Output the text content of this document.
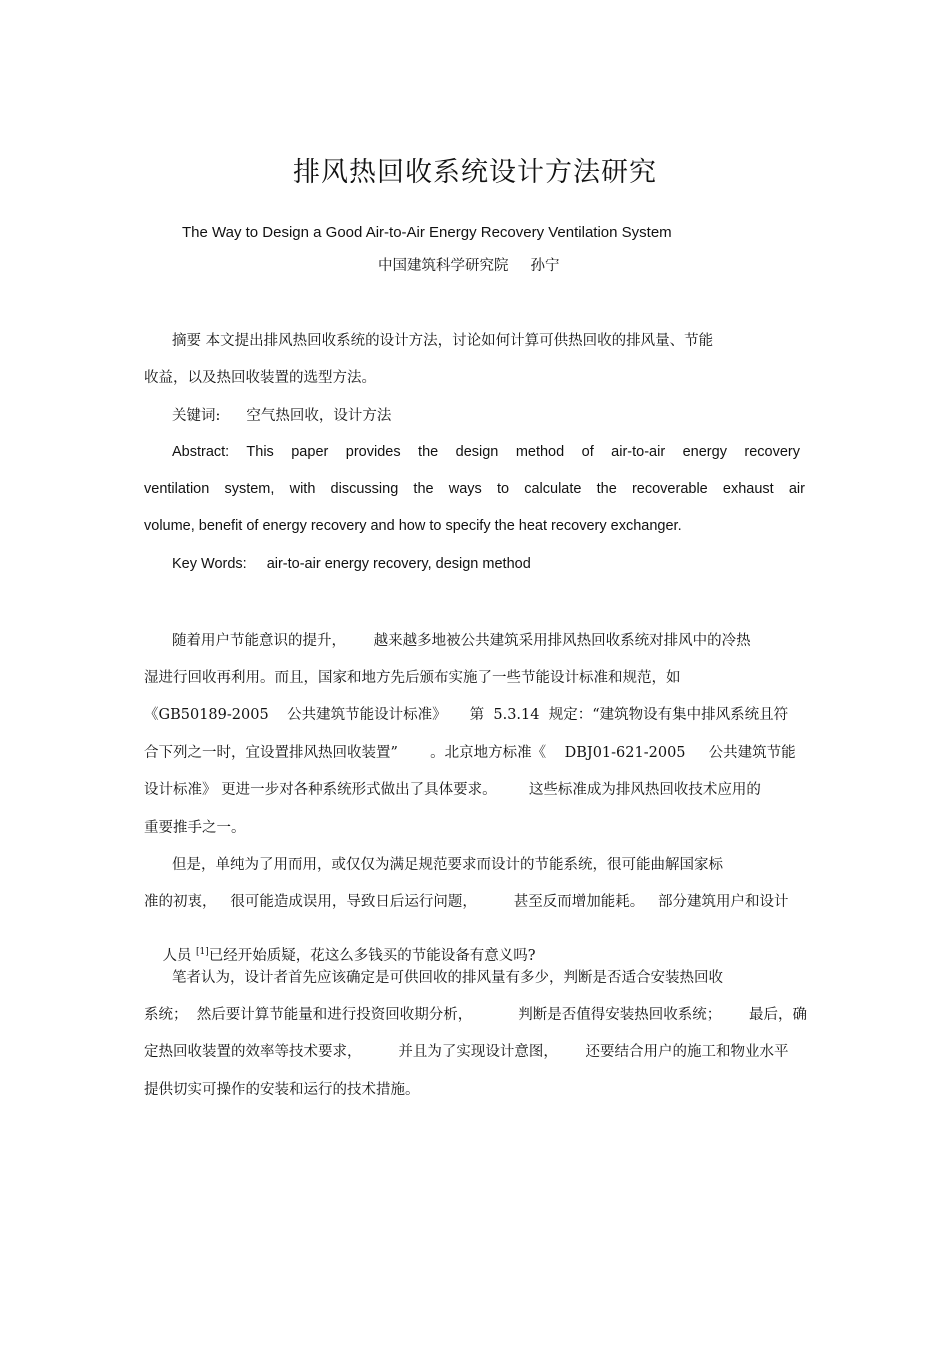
排风热回收系统设计方法研究
The Way to Design a Good Air-to-Air Energy Recovery Ventilation System
中国建筑科学研究院 孙宁
摘要 本文提出排风热回收系统的设计方法，讨论如何计算可供热回收的排风量、节能
收益，以及热回收装置的选型方法。
关键词: 空气热回收，设计方法
Abstract: This paper provides the design method of air-to-air energy recovery
ventilation system, with discussing the ways to calculate the recoverable exhaust air
volume, benefit of energy recovery and how to specify the heat recovery exchanger.
Key Words: air-to-air energy recovery, design method
随着用户节能意识的提升，      越来越多地被公共建筑采用排风热回收系统对排风中的冷热
湿进行回收再利用。而且，国家和地方先后颁布实施了一些节能设计标准和规范，如
《GB50189-2005    公共建筑节能设计标准》     第  5.3.14  规定：“建筑物设有集中排风系统且符
合下列之一时，宜设置排风热回收装置”       。北京地方标准《    DBJ01-621-2005     公共建筑节能
设计标准》 更进一步对各种系统形式做出了具体要求。       这些标准成为排风热回收技术应用的
重要推手之一。
但是，单纯为了用而用，或仅仅为满足规范要求而设计的节能系统，很可能曲解国家标
准的初衷，   很可能造成误用，导致日后运行问题，        甚至反而增加能耗。   部分建筑用户和设计

人员 [1]已经开始质疑，花这么多钱买的节能设备有意义吗?

笔者认为，设计者首先应该确定是可供回收的排风量有多少，判断是否适合安装热回收
系统；  然后要计算节能量和进行投资回收期分析，          判断是否值得安装热回收系统；      最后，确
定热回收装置的效率等技术要求，        并且为了实现设计意图，      还要结合用户的施工和物业水平
提供切实可操作的安装和运行的技术措施。
